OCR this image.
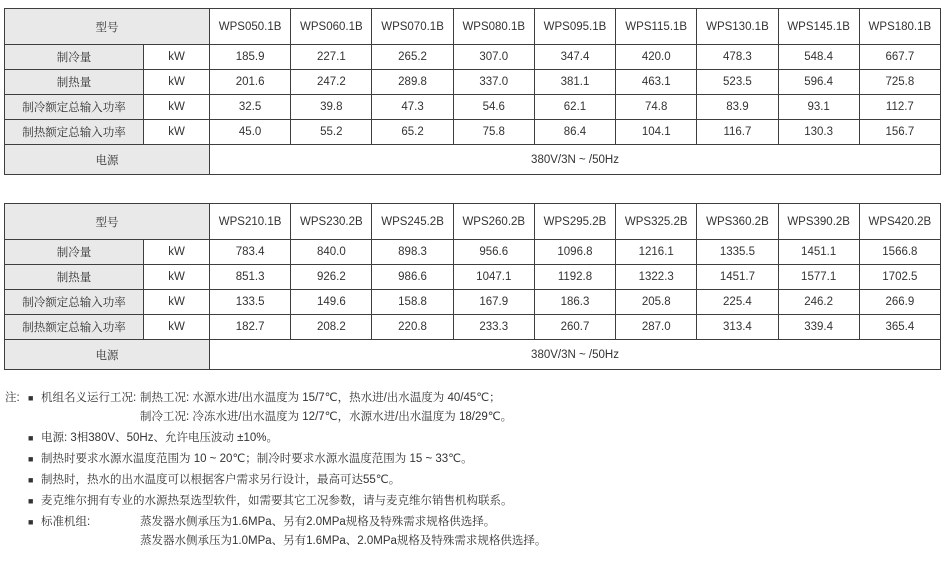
型号		WPS050.1B	WPS060.1B	WPS070.1B	WPS080.1B	WPS095.1B	WPS115.1B	WPS130.1B	WPS145.1B	WPS180.1B
制冷量	kW	185.9	227.1	265.2	307.0	347.4	420.0	478.3	548.4	667.7
制热量	kW	201.6	247.2	289.8	337.0	381.1	463.1	523.5	596.4	725.8
制冷额定总输入功率	kW	32.5	39.8	47.3	54.6	62.1	74.8	83.9	93.1	112.7
制热额定总输入功率	kW	45.0	55.2	65.2	75.8	86.4	104.1	116.7	130.3	156.7
电源		380V/3N ~ /50Hz								
型号		WPS210.1B	WPS230.2B	WPS245.2B	WPS260.2B	WPS295.2B	WPS325.2B	WPS360.2B	WPS390.2B	WPS420.2B
制冷量	kW	783.4	840.0	898.3	956.6	1096.8	1216.1	1335.5	1451.1	1566.8
制热量	kW	851.3	926.2	986.6	1047.1	1192.8	1322.3	1451.7	1577.1	1702.5
制冷额定总输入功率	kW	133.5	149.6	158.8	167.9	186.3	205.8	225.4	246.2	266.9
制热额定总输入功率	kW	182.7	208.2	220.8	233.3	260.7	287.0	313.4	339.4	365.4
电源		380V/3N ~ /50Hz								
注: ■ 机组名义运行工况: 制热工况: 水源水进/出水温度为 15/7℃，热水进/出水温度为 40/45℃；
制冷工况: 冷冻水进/出水温度为 12/7℃，水源水进/出水温度为 18/29℃。
■ 电源: 3相380V、50Hz、允许电压波动 ±10%。
■ 制热时要求水源水温度范围为 10 ~ 20℃；制冷时要求水源水温度范围为 15 ~ 33℃。
■ 制热时，热水的出水温度可以根据客户需求另行设计，最高可达55℃。
■ 麦克维尔拥有专业的水源热泵选型软件，如需要其它工况参数，请与麦克维尔销售机构联系。
■ 标准机组:	蒸发器水侧承压为1.6MPa、另有2.0MPa规格及特殊需求规格供选择。
蒸发器水侧承压为1.0MPa、另有1.6MPa、2.0MPa规格及特殊需求规格供选择。
